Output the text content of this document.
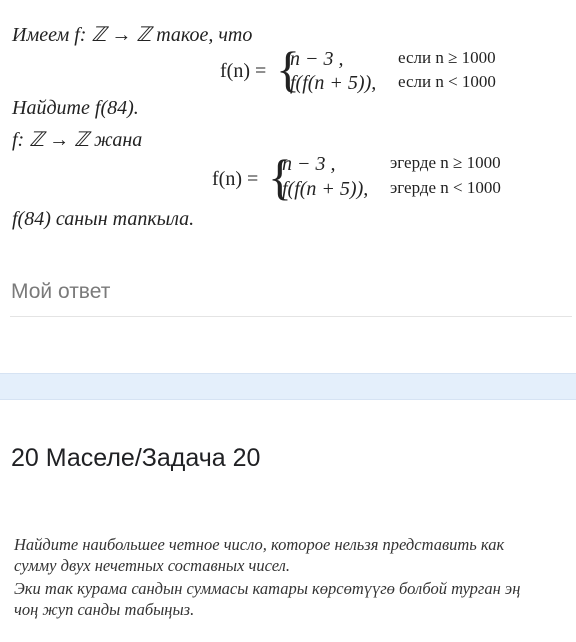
Имеем f: ℤ → ℤ такое, что
f(n) = {
n − 3 ,	если n ≥ 1000
f(f(n + 5)), если n < 1000
Найдите f(84).
f: ℤ → ℤ жана
f(n) = {
n − 3 ,	эгерде n ≥ 1000
f(f(n + 5)), эгерде n < 1000
f(84) санын тапкыла.
Мой ответ
20 Маселе/Задача 20
Найдите наибольшее четное число, которое нельзя представить как
сумму двух нечетных составных чисел.
Эки так курама сандын суммасы катары көрсөтүүгө болбой турган эң
чоң жуп санды табыңыз.
